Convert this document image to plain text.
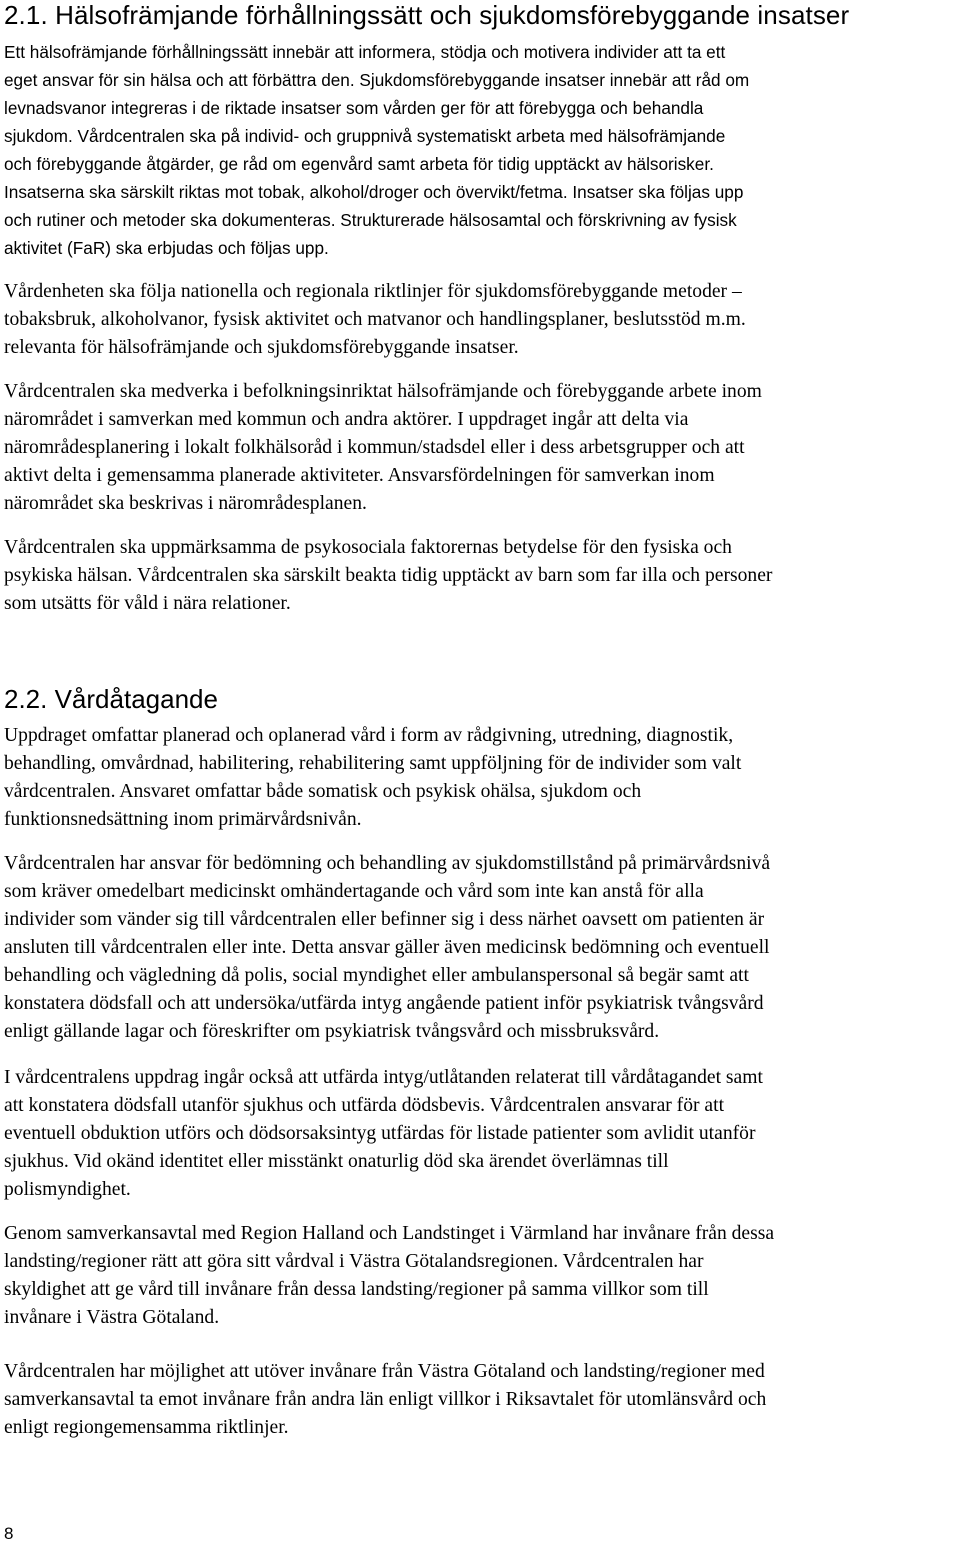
2.1. Hälsofrämjande förhållningssätt och sjukdomsförebyggande insatser
Ett hälsofrämjande förhållningssätt innebär att informera, stödja och motivera individer att ta ett
eget ansvar för sin hälsa och att förbättra den. Sjukdomsförebyggande insatser innebär att råd om
levnadsvanor integreras i de riktade insatser som vården ger för att förebygga och behandla
sjukdom. Vårdcentralen ska på individ- och gruppnivå systematiskt arbeta med hälsofrämjande
och förebyggande åtgärder, ge råd om egenvård samt arbeta för tidig upptäckt av hälsorisker.
Insatserna ska särskilt riktas mot tobak, alkohol/droger och övervikt/fetma. Insatser ska följas upp
och rutiner och metoder ska dokumenteras. Strukturerade hälsosamtal och förskrivning av fysisk
aktivitet (FaR) ska erbjudas och följas upp.
Vårdenheten ska följa nationella och regionala riktlinjer för sjukdomsförebyggande metoder –
tobaksbruk, alkoholvanor, fysisk aktivitet och matvanor och handlingsplaner, beslutsstöd m.m.
relevanta för hälsofrämjande och sjukdomsförebyggande insatser.
Vårdcentralen ska medverka i befolkningsinriktat hälsofrämjande och förebyggande arbete inom
närområdet i samverkan med kommun och andra aktörer. I uppdraget ingår att delta via
närområdesplanering i lokalt folkhälsoråd i kommun/stadsdel eller i dess arbetsgrupper och att
aktivt delta i gemensamma planerade aktiviteter. Ansvarsfördelningen för samverkan inom
närområdet ska beskrivas i närområdesplanen.
Vårdcentralen ska uppmärksamma de psykosociala faktorernas betydelse för den fysiska och
psykiska hälsan. Vårdcentralen ska särskilt beakta tidig upptäckt av barn som far illa och personer
som utsätts för våld i nära relationer.
2.2. Vårdåtagande
Uppdraget omfattar planerad och oplanerad vård i form av rådgivning, utredning, diagnostik,
behandling, omvårdnad, habilitering, rehabilitering samt uppföljning för de individer som valt
vårdcentralen. Ansvaret omfattar både somatisk och psykisk ohälsa, sjukdom och
funktionsnedsättning inom primärvårdsnivån.
Vårdcentralen har ansvar för bedömning och behandling av sjukdomstillstånd på primärvårdsnivå
som kräver omedelbart medicinskt omhändertagande och vård som inte kan anstå för alla
individer som vänder sig till vårdcentralen eller befinner sig i dess närhet oavsett om patienten är
ansluten till vårdcentralen eller inte. Detta ansvar gäller även medicinsk bedömning och eventuell
behandling och vägledning då polis, social myndighet eller ambulanspersonal så begär samt att
konstatera dödsfall och att undersöka/utfärda intyg angående patient inför psykiatrisk tvångsvård
enligt gällande lagar och föreskrifter om psykiatrisk tvångsvård och missbruksvård.
I vårdcentralens uppdrag ingår också att utfärda intyg/utlåtanden relaterat till vårdåtagandet samt
att konstatera dödsfall utanför sjukhus och utfärda dödsbevis. Vårdcentralen ansvarar för att
eventuell obduktion utförs och dödsorsaksintyg utfärdas för listade patienter som avlidit utanför
sjukhus. Vid okänd identitet eller misstänkt onaturlig död ska ärendet överlämnas till
polismyndighet.
Genom samverkansavtal med Region Halland och Landstinget i Värmland har invånare från dessa
landsting/regioner rätt att göra sitt vårdval i Västra Götalandsregionen. Vårdcentralen har
skyldighet att ge vård till invånare från dessa landsting/regioner på samma villkor som till
invånare i Västra Götaland.
Vårdcentralen har möjlighet att utöver invånare från Västra Götaland och landsting/regioner med
samverkansavtal ta emot invånare från andra län enligt villkor i Riksavtalet för utomlänsvård och
enligt regiongemensamma riktlinjer.
8
